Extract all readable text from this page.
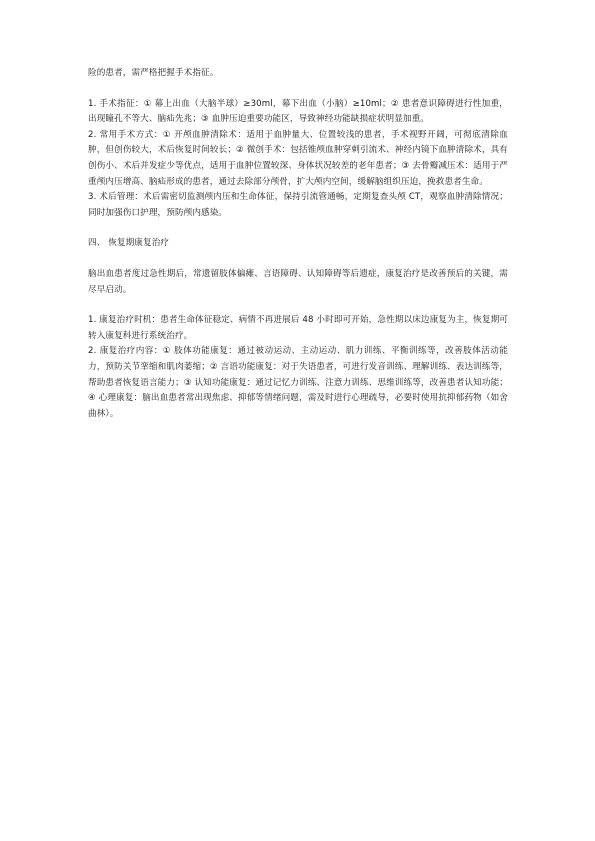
险的患者，需严格把握手术指征。

1. 手术指征：① 幕上出血（大脑半球）≥30ml，幕下出血（小脑）≥10ml；② 患者意识障碍进行性加重，出现瞳孔不等大、脑疝先兆；③ 血肿压迫重要功能区，导致神经功能缺损症状明显加重。

2. 常用手术方式：① 开颅血肿清除术：适用于血肿量大、位置较浅的患者，手术视野开阔，可彻底清除血肿，但创伤较大，术后恢复时间较长；② 微创手术：包括锥颅血肿穿刺引流术、神经内镜下血肿清除术，具有创伤小、术后并发症少等优点，适用于血肿位置较深、身体状况较差的老年患者；③ 去骨瓣减压术：适用于严重颅内压增高、脑疝形成的患者，通过去除部分颅骨，扩大颅内空间，缓解脑组织压迫，挽救患者生命。

3. 术后管理：术后需密切监测颅内压和生命体征，保持引流管通畅，定期复查头颅 CT，观察血肿清除情况；同时加强伤口护理，预防颅内感染。

四、 恢复期康复治疗

脑出血患者度过急性期后，常遗留肢体偏瘫、言语障碍、认知障碍等后遗症，康复治疗是改善预后的关键，需尽早启动。

1. 康复治疗时机：患者生命体征稳定、病情不再进展后 48 小时即可开始，急性期以床边康复为主，恢复期可转入康复科进行系统治疗。

2. 康复治疗内容：① 肢体功能康复：通过被动运动、主动运动、肌力训练、平衡训练等，改善肢体活动能力，预防关节挛缩和肌肉萎缩；② 言语功能康复：对于失语患者，可进行发音训练、理解训练、表达训练等，帮助患者恢复语言能力；③ 认知功能康复：通过记忆力训练、注意力训练、思维训练等，改善患者认知功能；④ 心理康复：脑出血患者常出现焦虑、抑郁等情绪问题，需及时进行心理疏导，必要时使用抗抑郁药物（如舍曲林）。
